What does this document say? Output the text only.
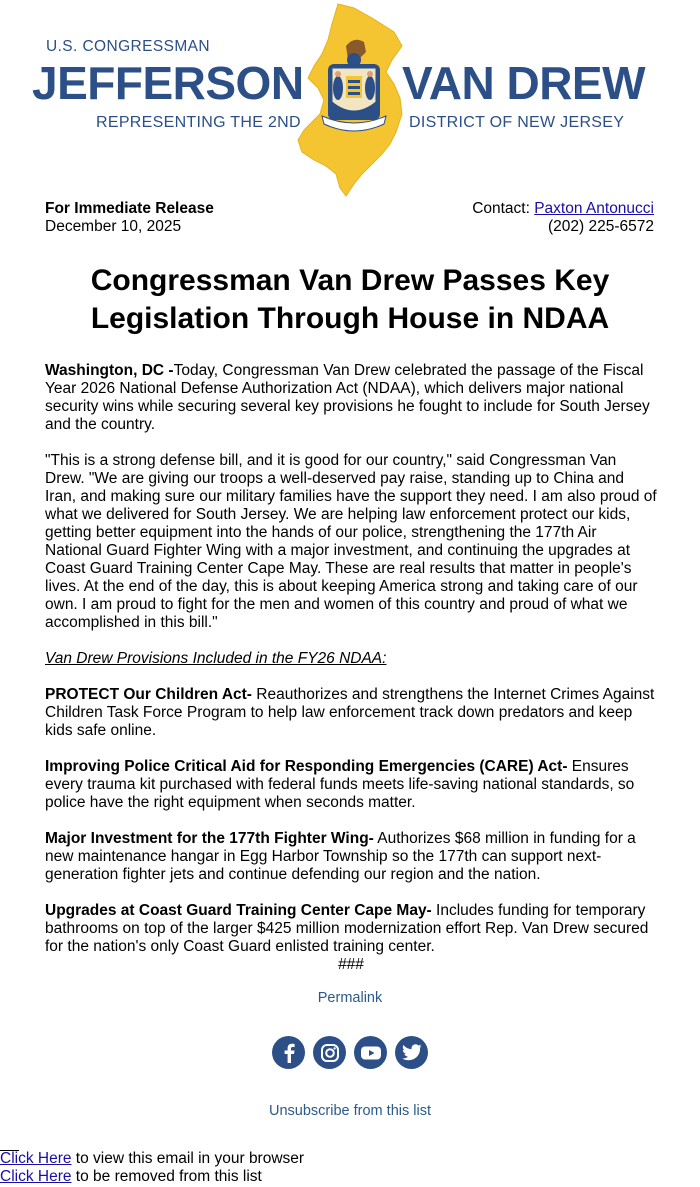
U.S. CONGRESSMAN
JEFFERSON VAN DREW
REPRESENTING THE 2ND	DISTRICT OF NEW JERSEY
For Immediate Release
December 10, 2025
Contact: Paxton Antonucci
(202) 225-6572
Congressman Van Drew Passes Key Legislation Through House in NDAA

Washington, DC -Today, Congressman Van Drew celebrated the passage of the Fiscal Year 2026 National Defense Authorization Act (NDAA), which delivers major national security wins while securing several key provisions he fought to include for South Jersey and the country.

"This is a strong defense bill, and it is good for our country," said Congressman Van Drew. "We are giving our troops a well-deserved pay raise, standing up to China and Iran, and making sure our military families have the support they need. I am also proud of what we delivered for South Jersey. We are helping law enforcement protect our kids, getting better equipment into the hands of our police, strengthening the 177th Air National Guard Fighter Wing with a major investment, and continuing the upgrades at Coast Guard Training Center Cape May. These are real results that matter in people's lives. At the end of the day, this is about keeping America strong and taking care of our own. I am proud to fight for the men and women of this country and proud of what we accomplished in this bill."

Van Drew Provisions Included in the FY26 NDAA:

PROTECT Our Children Act- Reauthorizes and strengthens the Internet Crimes Against Children Task Force Program to help law enforcement track down predators and keep kids safe online.

Improving Police Critical Aid for Responding Emergencies (CARE) Act- Ensures every trauma kit purchased with federal funds meets life-saving national standards, so police have the right equipment when seconds matter.

Major Investment for the 177th Fighter Wing- Authorizes $68 million in funding for a new maintenance hangar in Egg Harbor Township so the 177th can support next-generation fighter jets and continue defending our region and the nation.

Upgrades at Coast Guard Training Center Cape May- Includes funding for temporary bathrooms on top of the larger $425 million modernization effort Rep. Van Drew secured for the nation's only Coast Guard enlisted training center.

###

Permalink
Unsubscribe from this list
Click Here to view this email in your browser
Click Here to be removed from this list
